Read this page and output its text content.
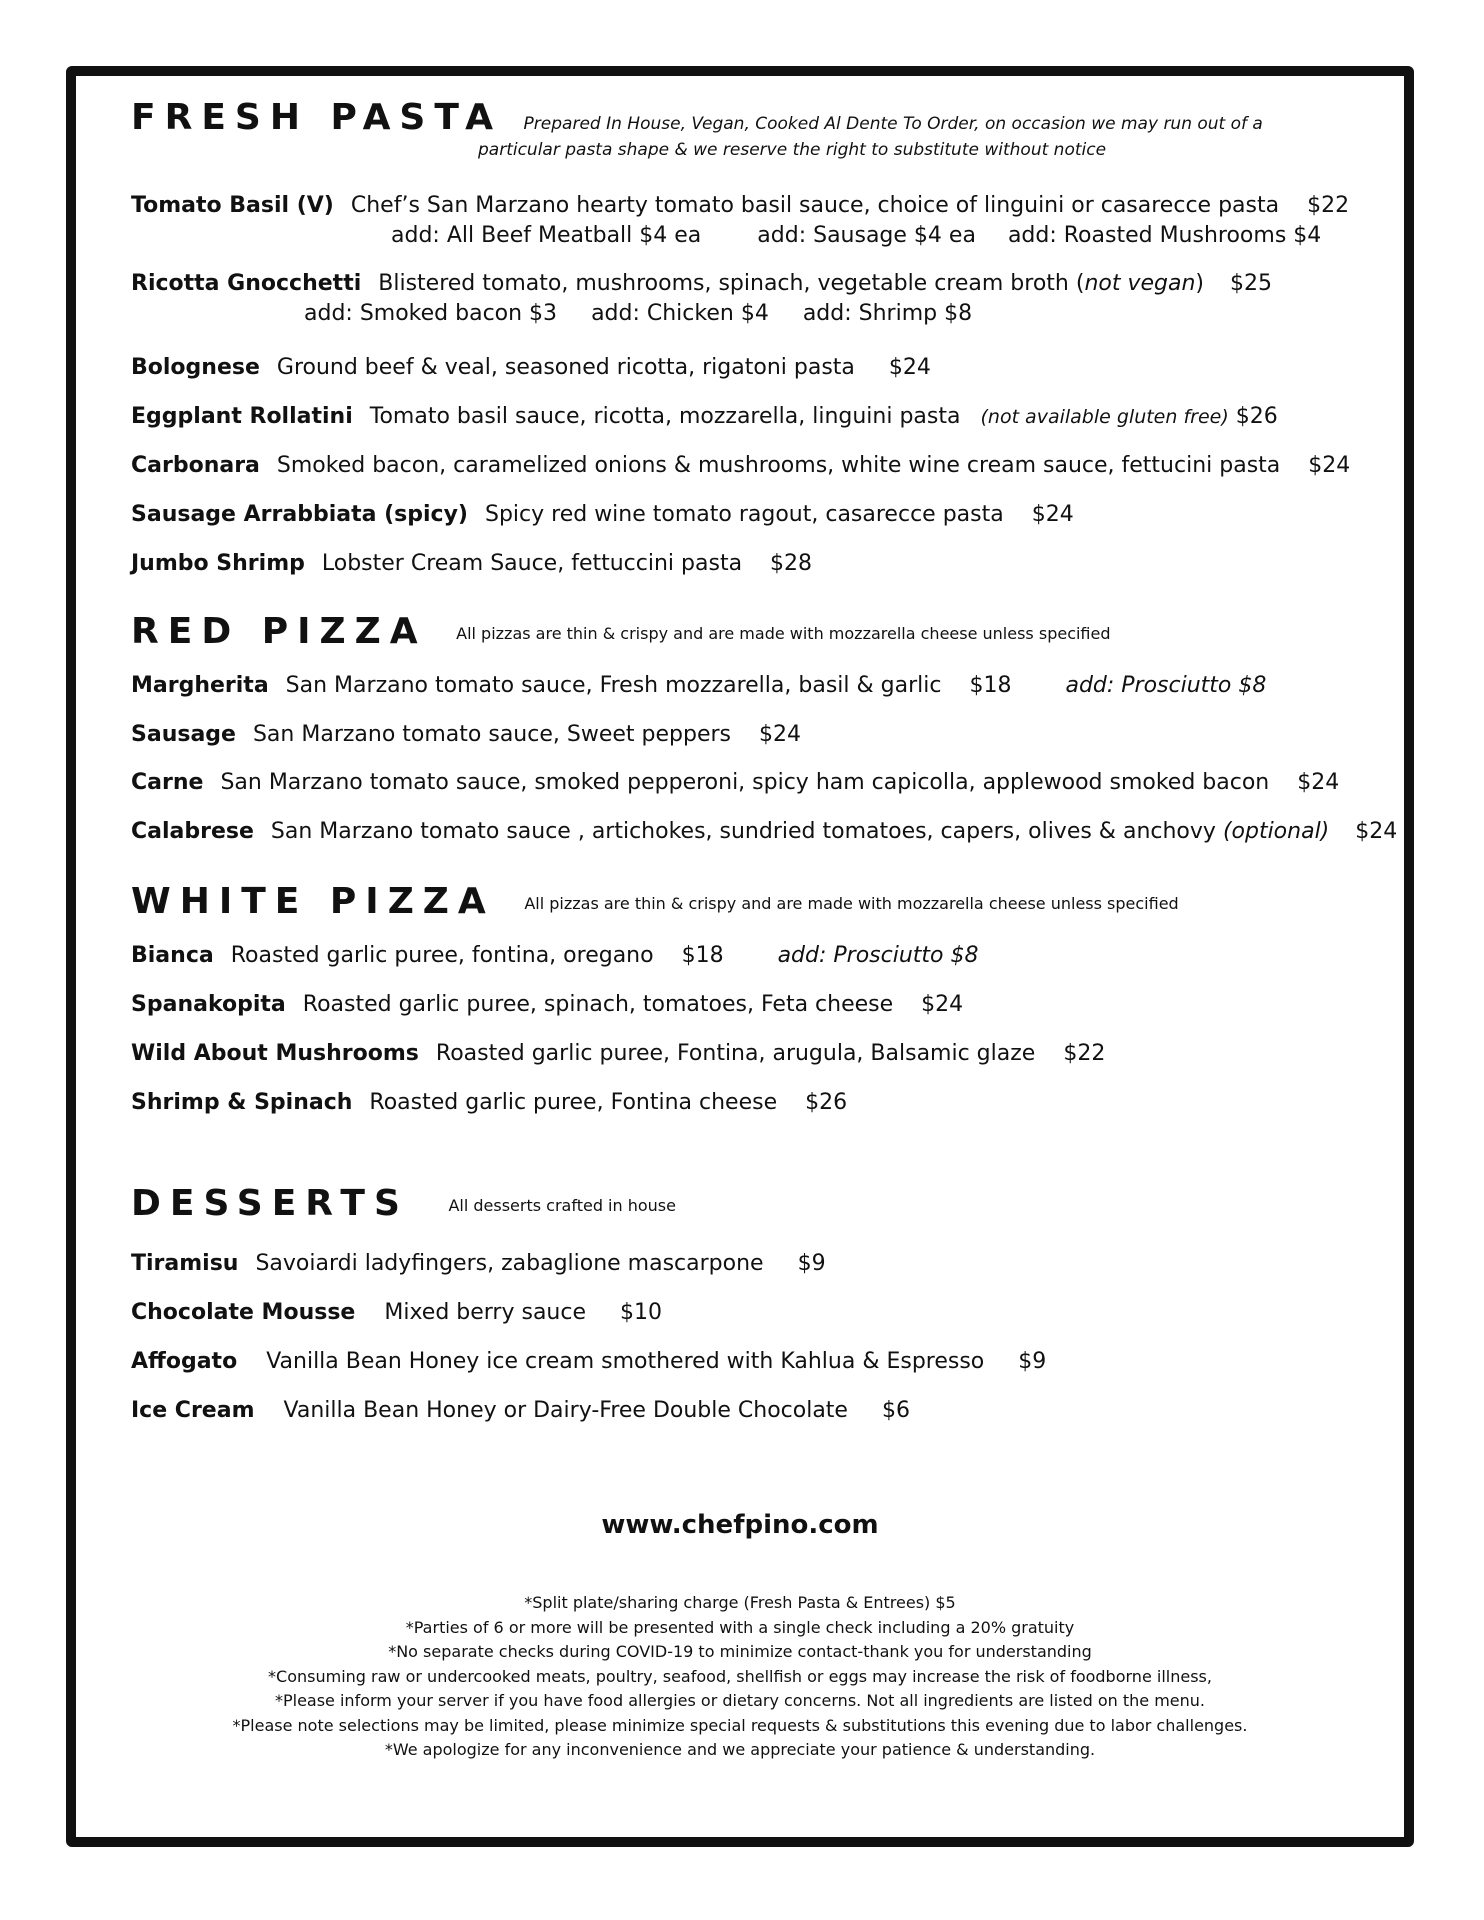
FRESH PASTA Prepared In House, Vegan, Cooked Al Dente To Order, on occasion we may run out of a
particular pasta shape & we reserve the right to substitute without notice
Tomato Basil (V) Chef’s San Marzano hearty tomato basil sauce, choice of linguini or casarecce pasta $22
add: All Beef Meatball $4 ea	add: Sausage $4 ea add: Roasted Mushrooms $4
Ricotta Gnocchetti Blistered tomato, mushrooms, spinach, vegetable cream broth (not vegan) $25
add: Smoked bacon $3 add: Chicken $4 add: Shrimp $8
Bolognese Ground beef & veal, seasoned ricotta, rigatoni pasta $24
Eggplant Rollatini Tomato basil sauce, ricotta, mozzarella, linguini pasta (not available gluten free) $26
Carbonara Smoked bacon, caramelized onions & mushrooms, white wine cream sauce, fettucini pasta $24
Sausage Arrabbiata (spicy) Spicy red wine tomato ragout, casarecce pasta $24
Jumbo Shrimp Lobster Cream Sauce, fettuccini pasta $28
RED PIZZA All pizzas are thin & crispy and are made with mozzarella cheese unless specified
Margherita San Marzano tomato sauce, Fresh mozzarella, basil & garlic $18 add: Prosciutto $8
Sausage San Marzano tomato sauce, Sweet peppers $24
Carne San Marzano tomato sauce, smoked pepperoni, spicy ham capicolla, applewood smoked bacon $24
Calabrese San Marzano tomato sauce , artichokes, sundried tomatoes, capers, olives & anchovy (optional) $24
WHITE PIZZA All pizzas are thin & crispy and are made with mozzarella cheese unless specified
Bianca Roasted garlic puree, fontina, oregano $18 add: Prosciutto $8
Spanakopita Roasted garlic puree, spinach, tomatoes, Feta cheese $24
Wild About Mushrooms Roasted garlic puree, Fontina, arugula, Balsamic glaze $22
Shrimp & Spinach Roasted garlic puree, Fontina cheese $26
DESSERTS All desserts crafted in house
Tiramisu Savoiardi ladyfingers, zabaglione mascarpone $9
Chocolate Mousse Mixed berry sauce $10
Affogato Vanilla Bean Honey ice cream smothered with Kahlua & Espresso $9
Ice Cream Vanilla Bean Honey or Dairy-Free Double Chocolate $6
www.chefpino.com
*Split plate/sharing charge (Fresh Pasta & Entrees) $5
*Parties of 6 or more will be presented with a single check including a 20% gratuity
*No separate checks during COVID-19 to minimize contact-thank you for understanding
*Consuming raw or undercooked meats, poultry, seafood, shellfish or eggs may increase the risk of foodborne illness,
*Please inform your server if you have food allergies or dietary concerns. Not all ingredients are listed on the menu.
*Please note selections may be limited, please minimize special requests & substitutions this evening due to labor challenges.
*We apologize for any inconvenience and we appreciate your patience & understanding.
